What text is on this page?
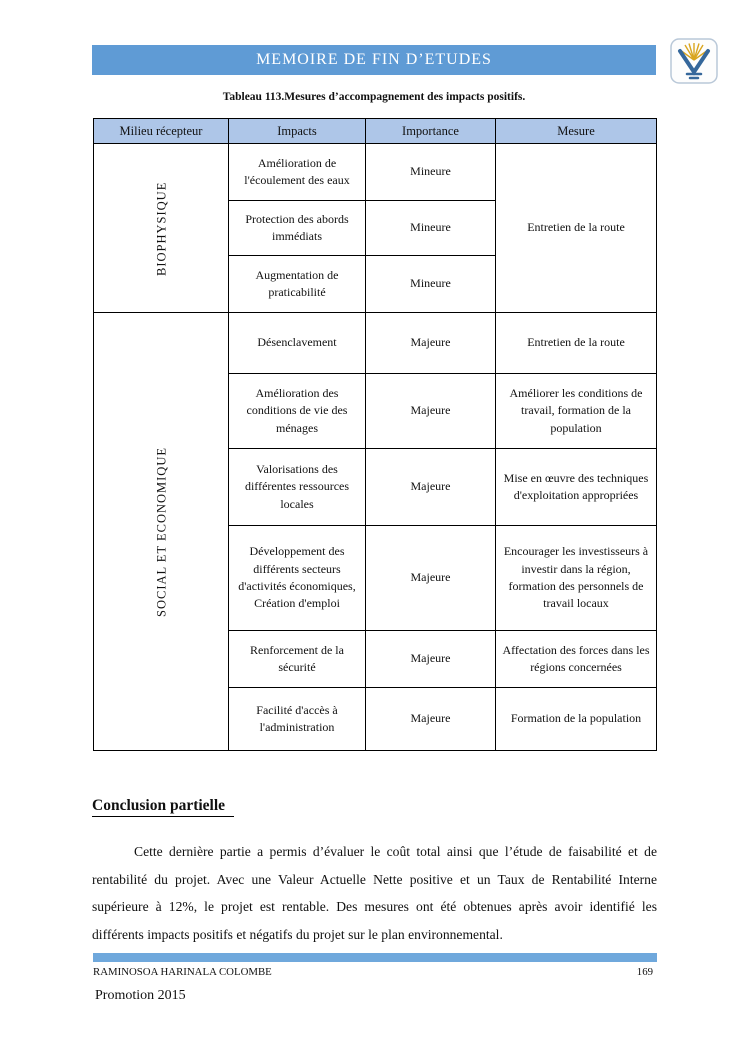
MEMOIRE DE FIN D’ETUDES
Tableau 113.Mesures d’accompagnement des impacts positifs.
Milieu récepteur	Impacts	Importance	Mesure
BIOPHYSIQUE	Amélioration de l'écoulement des eaux	Mineure	Entretien de la route
	Protection des abords immédiats	Mineure	
	Augmentation de praticabilité	Mineure	
SOCIAL ET ECONOMIQUE	Désenclavement	Majeure	Entretien de la route
	Amélioration des conditions de vie des ménages	Majeure	Améliorer les conditions de travail, formation de la population
	Valorisations des différentes ressources locales	Majeure	Mise en œuvre des techniques d'exploitation appropriées
	Développement des différents secteurs d'activités économiques, Création d'emploi	Majeure	Encourager les investisseurs à investir dans la région, formation des personnels de travail locaux
	Renforcement de la sécurité	Majeure	Affectation des forces dans les régions concernées
	Facilité d'accès à l'administration	Majeure	Formation de la population
Conclusion partielle
Cette dernière partie a permis d’évaluer le coût total ainsi que l’étude de faisabilité et de rentabilité du projet. Avec une Valeur Actuelle Nette positive et un Taux de Rentabilité Interne supérieure à 12%, le projet est rentable. Des mesures ont été obtenues après avoir identifié les différents impacts positifs et négatifs du projet sur le plan environnemental.
RAMINOSOA HARINALA COLOMBE	169
Promotion 2015
